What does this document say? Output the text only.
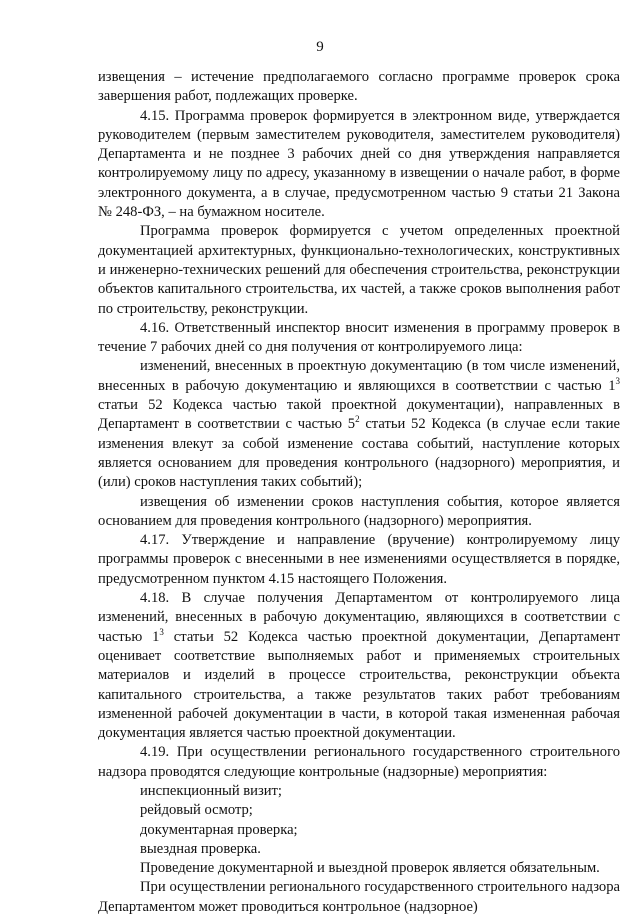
9

извещения – истечение предполагаемого согласно программе проверок срока завершения работ, подлежащих проверке.

4.15. Программа проверок формируется в электронном виде, утверждается руководителем (первым заместителем руководителя, заместителем руководителя) Департамента и не позднее 3 рабочих дней со дня утверждения направляется контролируемому лицу по адресу, указанному в извещении о начале работ, в форме электронного документа, а в случае, предусмотренном частью 9 статьи 21 Закона № 248-ФЗ, – на бумажном носителе.

Программа проверок формируется с учетом определенных проектной документацией архитектурных, функционально-технологических, конструктивных и инженерно-технических решений для обеспечения строительства, реконструкции объектов капитального строительства, их частей, а также сроков выполнения работ по строительству, реконструкции.

4.16. Ответственный инспектор вносит изменения в программу проверок в течение 7 рабочих дней со дня получения от контролируемого лица:

изменений, внесенных в проектную документацию (в том числе изменений, внесенных в рабочую документацию и являющихся в соответствии с частью $1^3$ статьи 52 Кодекса частью такой проектной документации), направленных в Департамент в соответствии с частью $5^2$ статьи 52 Кодекса (в случае если такие изменения влекут за собой изменение состава событий, наступление которых является основанием для проведения контрольного (надзорного) мероприятия, и (или) сроков наступления таких событий);

извещения об изменении сроков наступления события, которое является основанием для проведения контрольного (надзорного) мероприятия.

4.17. Утверждение и направление (вручение) контролируемому лицу программы проверок с внесенными в нее изменениями осуществляется в порядке, предусмотренном пунктом 4.15 настоящего Положения.

4.18. В случае получения Департаментом от контролируемого лица изменений, внесенных в рабочую документацию, являющихся в соответствии с частью $1^3$ статьи 52 Кодекса частью проектной документации, Департамент оценивает соответствие выполняемых работ и применяемых строительных материалов и изделий в процессе строительства, реконструкции объекта капитального строительства, а также результатов таких работ требованиям измененной рабочей документации в части, в которой такая измененная рабочая документация является частью проектной документации.

4.19. При осуществлении регионального государственного строительного надзора проводятся следующие контрольные (надзорные) мероприятия:

инспекционный визит;

рейдовый осмотр;

документарная проверка;

выездная проверка.

Проведение документарной и выездной проверок является обязательным.

При осуществлении регионального государственного строительного надзора Департаментом может проводиться контрольное (надзорное)
